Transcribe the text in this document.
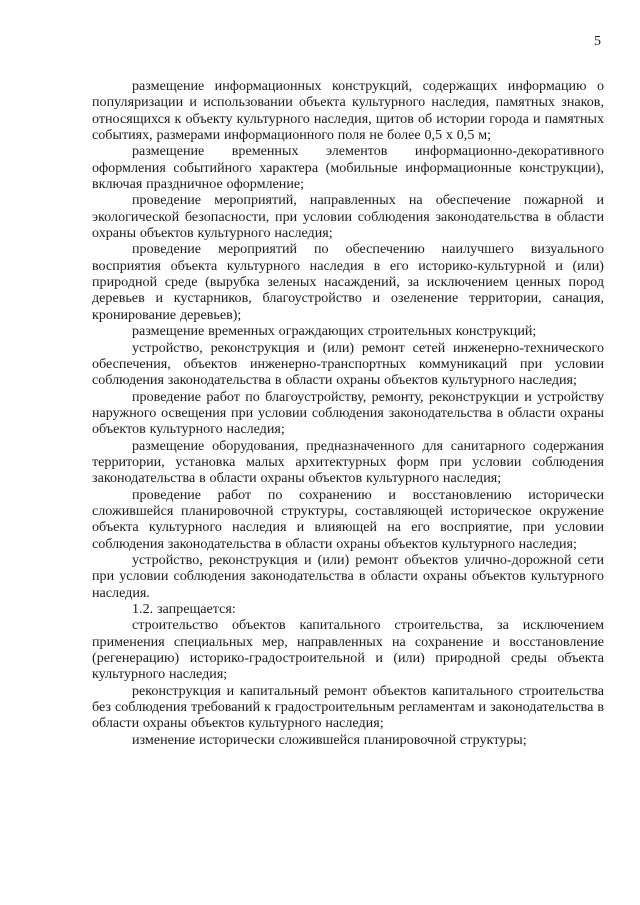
5

размещение информационных конструкций, содержащих информацию о популяризации и использовании объекта культурного наследия, памятных знаков, относящихся к объекту культурного наследия, щитов об истории города и памятных событиях, размерами информационного поля не более 0,5 х 0,5 м;

размещение временных элементов информационно-декоративного оформления событийного характера (мобильные информационные конструкции), включая праздничное оформление;

проведение мероприятий, направленных на обеспечение пожарной и экологической безопасности, при условии соблюдения законодательства в области охраны объектов культурного наследия;

проведение мероприятий по обеспечению наилучшего визуального восприятия объекта культурного наследия в его историко-культурной и (или) природной среде (вырубка зеленых насаждений, за исключением ценных пород деревьев и кустарников, благоустройство и озеленение территории, санация, кронирование деревьев);

размещение временных ограждающих строительных конструкций;

устройство, реконструкция и (или) ремонт сетей инженерно-технического обеспечения, объектов инженерно-транспортных коммуникаций при условии соблюдения законодательства в области охраны объектов культурного наследия;

проведение работ по благоустройству, ремонту, реконструкции и устройству наружного освещения при условии соблюдения законодательства в области охраны объектов культурного наследия;

размещение оборудования, предназначенного для санитарного содержания территории, установка малых архитектурных форм при условии соблюдения законодательства в области охраны объектов культурного наследия;

проведение работ по сохранению и восстановлению исторически сложившейся планировочной структуры, составляющей историческое окружение объекта культурного наследия и влияющей на его восприятие, при условии соблюдения законодательства в области охраны объектов культурного наследия;

устройство, реконструкция и (или) ремонт объектов улично-дорожной сети при условии соблюдения законодательства в области охраны объектов культурного наследия.

1.2. запрещается:

строительство объектов капитального строительства, за исключением применения специальных мер, направленных на сохранение и восстановление (регенерацию) историко-градостроительной и (или) природной среды объекта культурного наследия;

реконструкция и капитальный ремонт объектов капитального строительства без соблюдения требований к градостроительным регламентам и законодательства в области охраны объектов культурного наследия;

изменение исторически сложившейся планировочной структуры;
